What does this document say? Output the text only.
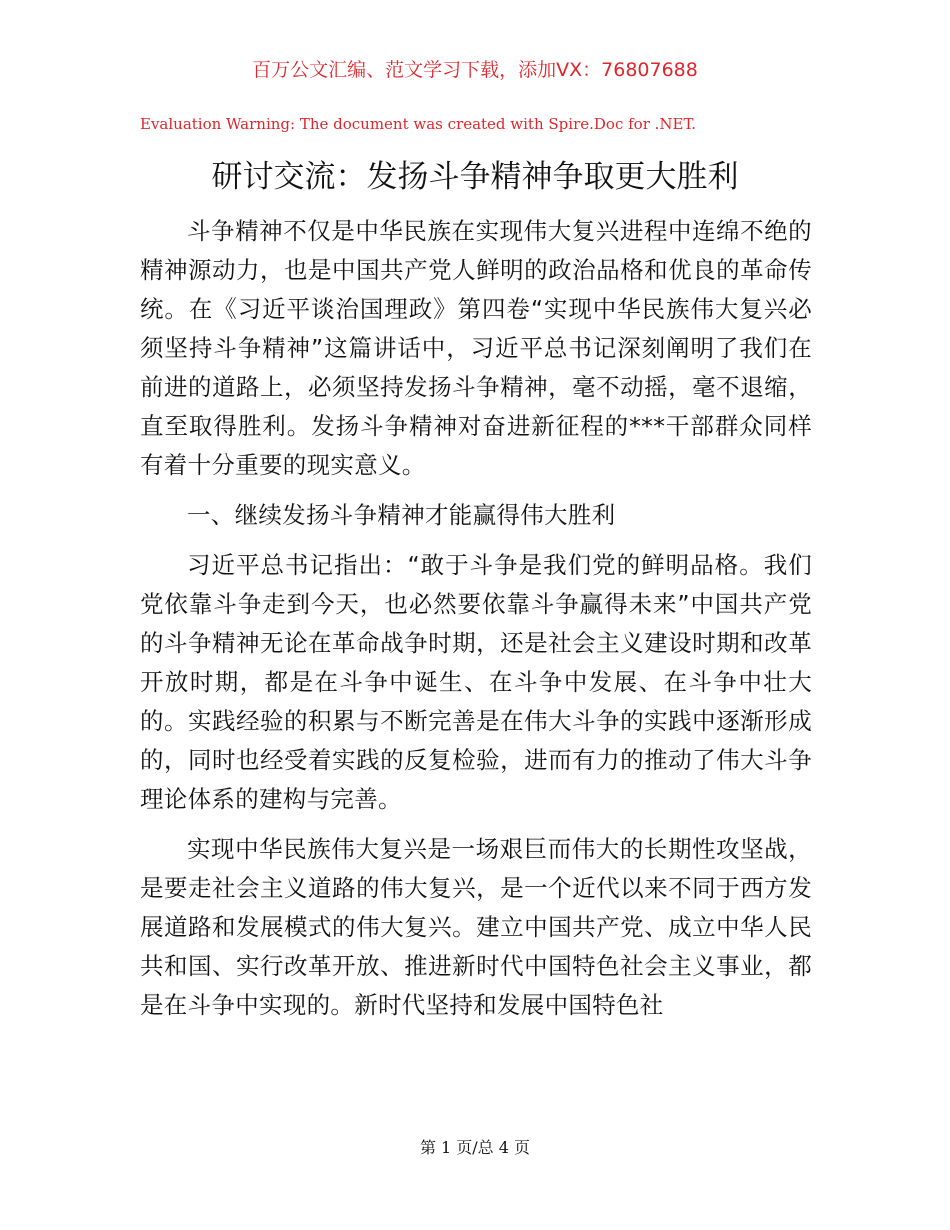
百万公文汇编、范文学习下载，添加VX：76807688
Evaluation Warning: The document was created with Spire.Doc for .NET.
研讨交流：发扬斗争精神争取更大胜利

斗争精神不仅是中华民族在实现伟大复兴进程中连绵不绝的精神源动力，也是中国共产党人鲜明的政治品格和优良的革命传统。在《习近平谈治国理政》第四卷“实现中华民族伟大复兴必须坚持斗争精神”这篇讲话中，习近平总书记深刻阐明了我们在前进的道路上，必须坚持发扬斗争精神，毫不动摇，毫不退缩，直至取得胜利。发扬斗争精神对奋进新征程的***干部群众同样有着十分重要的现实意义。

一、继续发扬斗争精神才能赢得伟大胜利

习近平总书记指出：“敢于斗争是我们党的鲜明品格。我们党依靠斗争走到今天，也必然要依靠斗争赢得未来”中国共产党的斗争精神无论在革命战争时期，还是社会主义建设时期和改革开放时期，都是在斗争中诞生、在斗争中发展、在斗争中壮大的。实践经验的积累与不断完善是在伟大斗争的实践中逐渐形成的，同时也经受着实践的反复检验，进而有力的推动了伟大斗争理论体系的建构与完善。

实现中华民族伟大复兴是一场艰巨而伟大的长期性攻坚战，是要走社会主义道路的伟大复兴，是一个近代以来不同于西方发展道路和发展模式的伟大复兴。建立中国共产党、成立中华人民共和国、实行改革开放、推进新时代中国特色社会主义事业，都是在斗争中实现的。新时代坚持和发展中国特色社

第 1 页/总 4 页
